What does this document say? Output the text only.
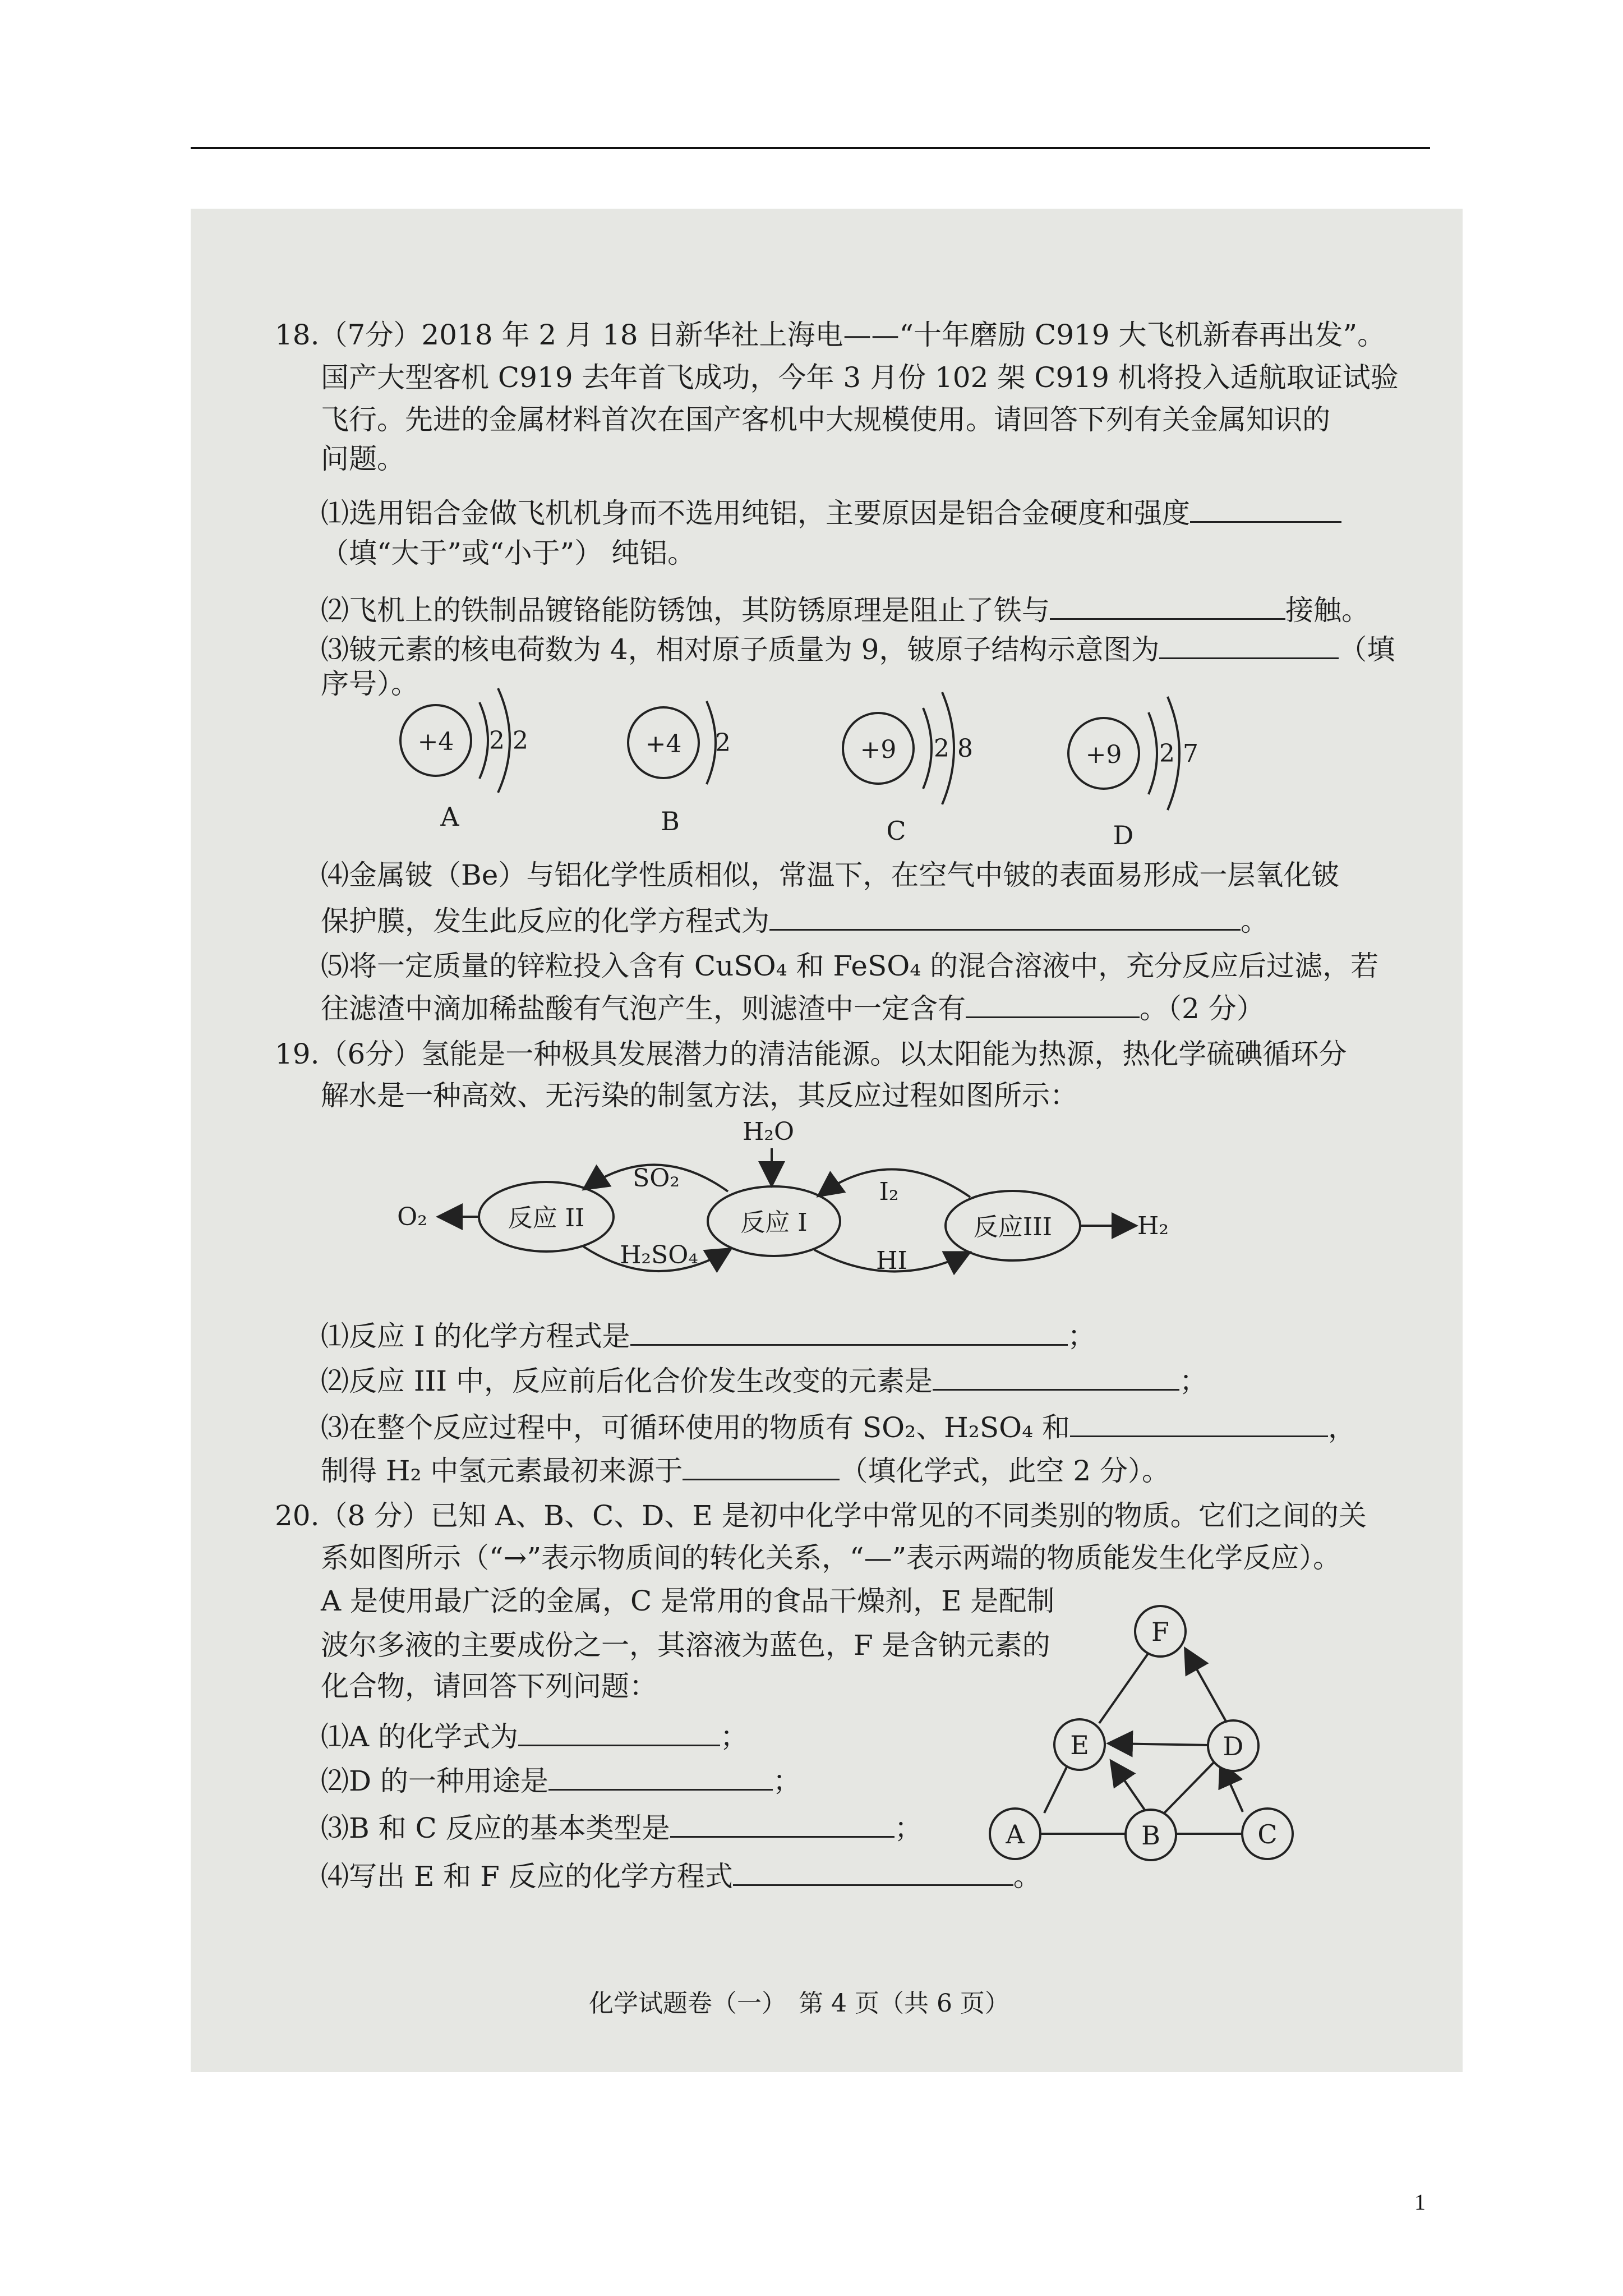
18.（7分）2018 年 2 月 18 日新华社上海电——“十年磨励 C919 大飞机新春再出发”。
国产大型客机 C919 去年首飞成功，今年 3 月份 102 架 C919 机将投入适航取证试验
飞行。先进的金属材料首次在国产客机中大规模使用。请回答下列有关金属知识的
问题。
⑴选用铝合金做飞机机身而不选用纯铝，主要原因是铝合金硬度和强度
（填“大于”或“小于”） 纯铝。
⑵飞机上的铁制品镀铬能防锈蚀，其防锈原理是阻止了铁与	接触。
⑶铍元素的核电荷数为 4，相对原子质量为 9，铍原子结构示意图为	（填
序号）。
+4 2 2
A
+4 2
B
+9 2 8
C
+9 2 7
D
⑷金属铍（Be）与铝化学性质相似，常温下，在空气中铍的表面易形成一层氧化铍
保护膜，发生此反应的化学方程式为	。
⑸将一定质量的锌粒投入含有 CuSO₄ 和 FeSO₄ 的混合溶液中，充分反应后过滤，若
往滤渣中滴加稀盐酸有气泡产生，则滤渣中一定含有	。（2 分）
19.（6分）氢能是一种极具发展潜力的清洁能源。以太阳能为热源，热化学硫碘循环分
解水是一种高效、无污染的制氢方法，其反应过程如图所示：
反应 II	反应 I	反应III
H₂O
O₂	H₂
SO₂
H₂SO₄
I₂
HI
⑴反应 I 的化学方程式是	；
⑵反应 III 中，反应前后化合价发生改变的元素是	；
⑶在整个反应过程中，可循环使用的物质有 SO₂、H₂SO₄ 和	，
制得 H₂ 中氢元素最初来源于	（填化学式，此空 2 分）。
20.（8 分）已知 A、B、C、D、E 是初中化学中常见的不同类别的物质。它们之间的关
系如图所示（“→”表示物质间的转化关系，“—”表示两端的物质能发生化学反应）。
A 是使用最广泛的金属，C 是常用的食品干燥剂，E 是配制
波尔多液的主要成份之一，其溶液为蓝色，F 是含钠元素的
化合物，请回答下列问题：
⑴A 的化学式为	；
⑵D 的一种用途是	；
⑶B 和 C 反应的基本类型是	；
⑷写出 E 和 F 反应的化学方程式	。
F
E	D
A	B	C
化学试题卷（一）　第 4 页（共 6 页）
1
